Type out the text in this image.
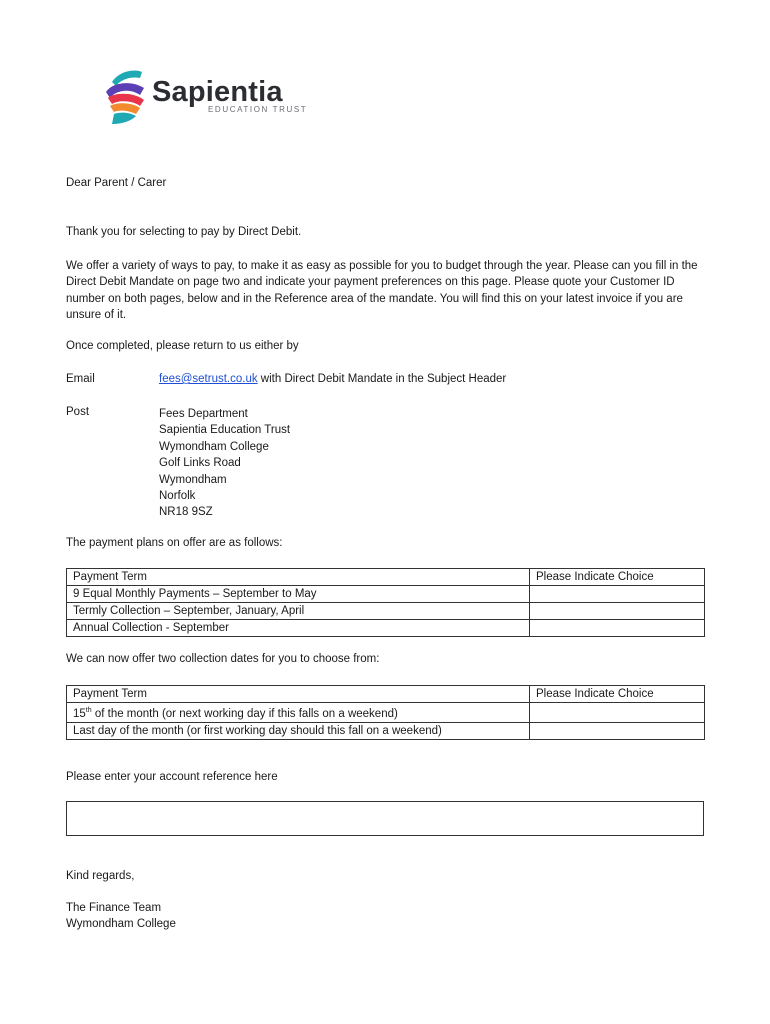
Sapientia
EDUCATION TRUST
Dear Parent / Carer
Thank you for selecting to pay by Direct Debit.
We offer a variety of ways to pay, to make it as easy as possible for you to budget through the year. Please can you fill in the Direct Debit Mandate on page two and indicate your payment preferences on this page. Please quote your Customer ID number on both pages, below and in the Reference area of the mandate. You will find this on your latest invoice if you are unsure of it.
Once completed, please return to us either by
Email	fees@setrust.co.uk with Direct Debit Mandate in the Subject Header
Post	Fees Department
Sapientia Education Trust
Wymondham College
Golf Links Road
Wymondham
Norfolk
NR18 9SZ
The payment plans on offer are as follows:
Payment Term	Please Indicate Choice
9 Equal Monthly Payments – September to May	
Termly Collection – September, January, April	
Annual Collection - September	
We can now offer two collection dates for you to choose from:
Payment Term	Please Indicate Choice
15th of the month (or next working day if this falls on a weekend)	
Last day of the month (or first working day should this fall on a weekend)	
Please enter your account reference here
Kind regards,
The Finance Team
Wymondham College
